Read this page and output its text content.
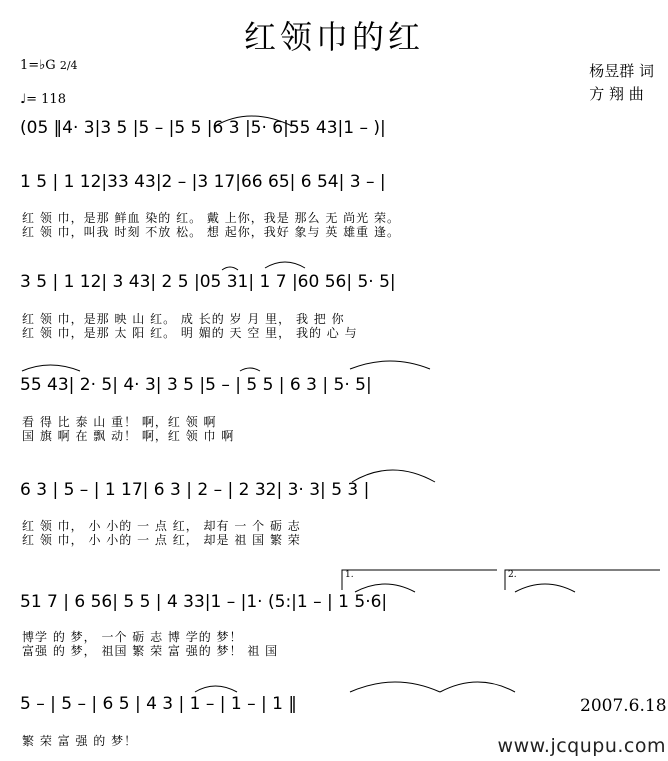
红领巾的红
1=♭G 2/4
♩= 118
杨昱群 词
方 翔 曲
(05 ‖4· 3|3 5 |5 – |5 5 |6 3 |5· 6|55 43|1 – )|
1 5 | 1 12|33 43|2 – |3 17|66 65| 6 54| 3 – |
红 领 巾，是那 鲜血 染的 红。 戴 上你，我是 那么 无 尚光 荣。
红 领 巾，叫我 时刻 不放 松。 想 起你，我好 象与 英 雄重 逢。
3 5 | 1 12| 3 43| 2 5 |05 31| 1 7 |60 56| 5· 5|
红 领 巾，是那 映 山 红。 成 长的 岁 月 里， 我 把 你
红 领 巾，是那 太 阳 红。 明 媚的 天 空 里， 我的 心 与
55 43| 2· 5| 4· 3| 3 5 |5 – | 5 5 | 6 3 | 5· 5|
看 得 比 泰 山 重！ 啊，红 领 啊
国 旗 啊 在 飘 动！ 啊，红 领 巾 啊
6 3 | 5 – | 1 17| 6 3 | 2 – | 2 32| 3· 3| 5 3 |
红 领 巾， 小 小的 一 点 红， 却有 一 个 砺 志
红 领 巾， 小 小的 一 点 红， 却是 祖 国 繁 荣
1.	2.
51 7 | 6 56| 5 5 | 4 33|1 – |1· (5:|1 – | 1 5·6|
博学 的 梦， 一个 砺 志 博 学的 梦！
富强 的 梦， 祖国 繁 荣 富 强的 梦！ 祖 国
5 – | 5 – | 6 5 | 4 3 | 1 – | 1 – | 1 ‖
繁 荣 富 强 的 梦！
2007.6.18
www.jcqupu.com
